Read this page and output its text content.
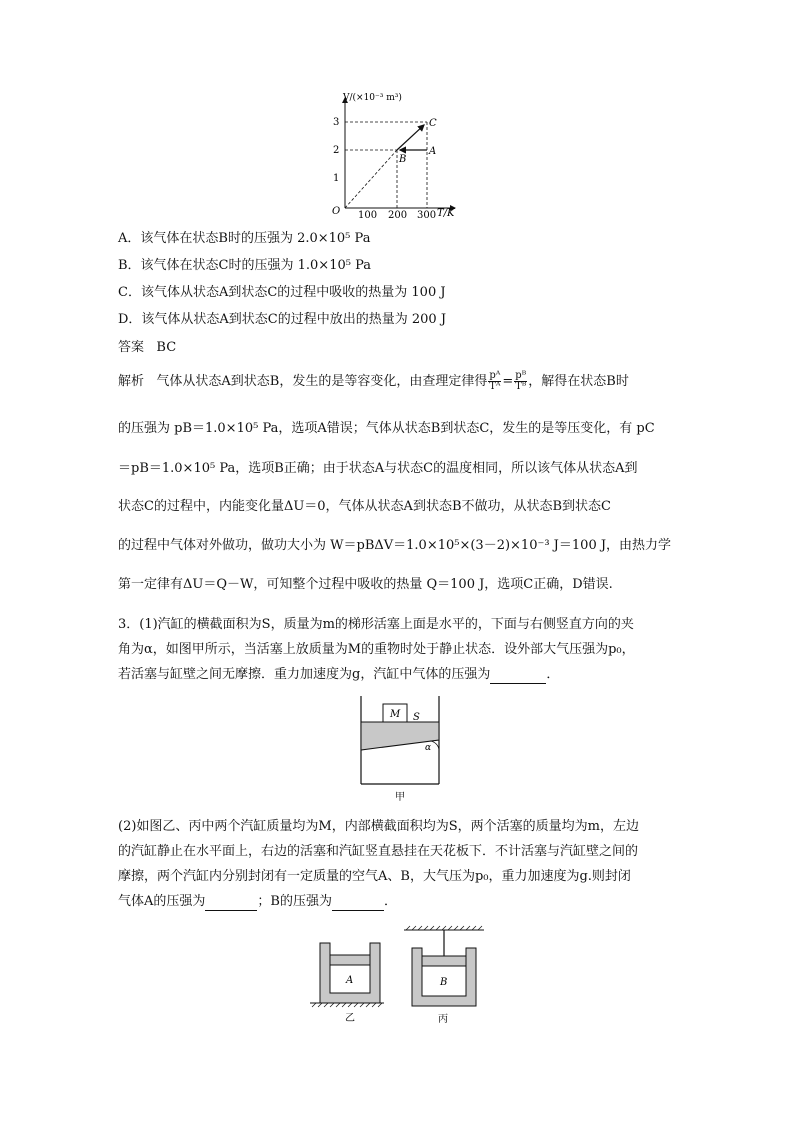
V/(×10⁻³ m³)
T/K
O
1
2
3
100 200 300
A
B
C
A．该气体在状态B时的压强为 2.0×10⁵ Pa
B．该气体在状态C时的压强为 1.0×10⁵ Pa
C．该气体从状态A到状态C的过程中吸收的热量为 100 J
D．该气体从状态A到状态C的过程中放出的热量为 200 J
答案 BC
解析 气体从状态A到状态B，发生的是等容变化，由查理定律得 $\frac{\text{pᴬ}}{\text{Tᴬ}} = \frac{\text{pᴮ}}{\text{Tᴮ}}$ ，解得在状态B时
的压强为 pB＝1.0×10⁵ Pa，选项A错误；气体从状态B到状态C，发生的是等压变化，有 pC
＝pB＝1.0×10⁵ Pa，选项B正确；由于状态A与状态C的温度相同，所以该气体从状态A到
状态C的过程中，内能变化量ΔU＝0，气体从状态A到状态B不做功，从状态B到状态C
的过程中气体对外做功，做功大小为 W＝pBΔV＝1.0×10⁵×(3－2)×10⁻³ J＝100 J，由热力学
第一定律有ΔU＝Q－W，可知整个过程中吸收的热量 Q＝100 J，选项C正确，D错误.
3．(1)汽缸的横截面积为S，质量为m的梯形活塞上面是水平的，下面与右侧竖直方向的夹
角为α，如图甲所示，当活塞上放质量为M的重物时处于静止状态．设外部大气压强为p₀，
若活塞与缸壁之间无摩擦．重力加速度为g，汽缸中气体的压强为	．
M S
α
甲
(2)如图乙、丙中两个汽缸质量均为M，内部横截面积均为S，两个活塞的质量均为m，左边
的汽缸静止在水平面上，右边的活塞和汽缸竖直悬挂在天花板下．不计活塞与汽缸壁之间的
摩擦，两个汽缸内分别封闭有一定质量的空气A、B，大气压为p₀，重力加速度为g.则封闭
气体A的压强为	；B的压强为	．
A
乙
B
丙
